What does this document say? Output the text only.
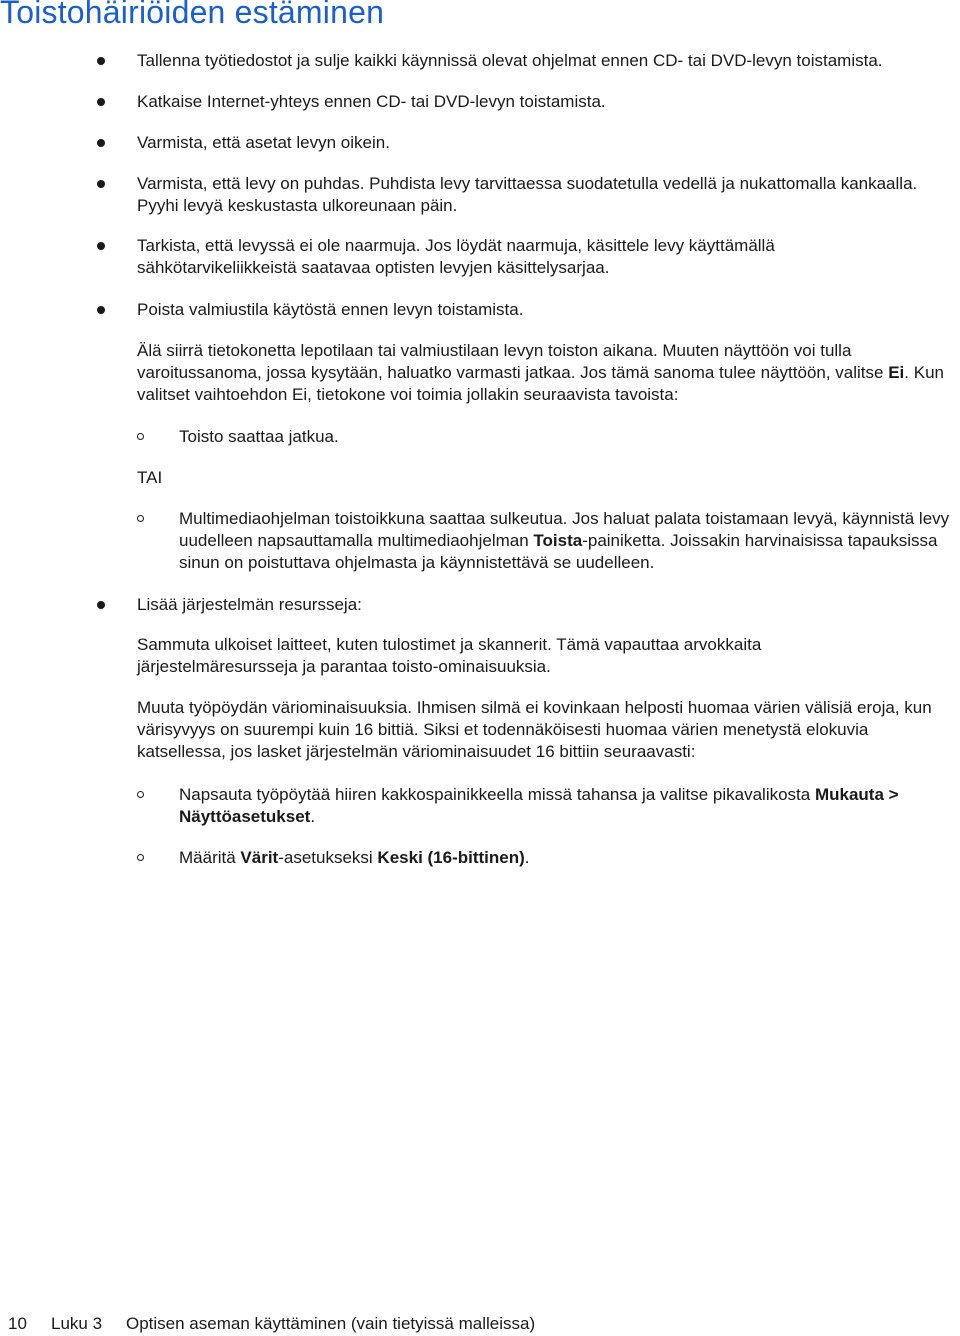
Toistohäiriöiden estäminen

Tallenna työtiedostot ja sulje kaikki käynnissä olevat ohjelmat ennen CD- tai DVD-levyn toistamista.

Katkaise Internet-yhteys ennen CD- tai DVD-levyn toistamista.

Varmista, että asetat levyn oikein.

Varmista, että levy on puhdas. Puhdista levy tarvittaessa suodatetulla vedellä ja nukattomalla kankaalla. Pyyhi levyä keskustasta ulkoreunaan päin.

Tarkista, että levyssä ei ole naarmuja. Jos löydät naarmuja, käsittele levy käyttämällä sähkötarvikeliikkeistä saatavaa optisten levyjen käsittelysarjaa.

Poista valmiustila käytöstä ennen levyn toistamista.

Älä siirrä tietokonetta lepotilaan tai valmiustilaan levyn toiston aikana. Muuten näyttöön voi tulla varoitussanoma, jossa kysytään, haluatko varmasti jatkaa. Jos tämä sanoma tulee näyttöön, valitse Ei. Kun valitset vaihtoehdon Ei, tietokone voi toimia jollakin seuraavista tavoista:

Toisto saattaa jatkua.

TAI

Multimediaohjelman toistoikkuna saattaa sulkeutua. Jos haluat palata toistamaan levyä, käynnistä levy uudelleen napsauttamalla multimediaohjelman Toista-painiketta. Joissakin harvinaisissa tapauksissa sinun on poistuttava ohjelmasta ja käynnistettävä se uudelleen.

Lisää järjestelmän resursseja:

Sammuta ulkoiset laitteet, kuten tulostimet ja skannerit. Tämä vapauttaa arvokkaita järjestelmäresursseja ja parantaa toisto-ominaisuuksia.

Muuta työpöydän väriominaisuuksia. Ihmisen silmä ei kovinkaan helposti huomaa värien välisiä eroja, kun värisyvyys on suurempi kuin 16 bittiä. Siksi et todennäköisesti huomaa värien menetystä elokuvia katsellessa, jos lasket järjestelmän väriominaisuudet 16 bittiin seuraavasti:

Napsauta työpöytää hiiren kakkospainikkeella missä tahansa ja valitse pikavalikosta Mukauta > Näyttöasetukset.

Määritä Värit-asetukseksi Keski (16-bittinen).

10 Luku 3 Optisen aseman käyttäminen (vain tietyissä malleissa)
